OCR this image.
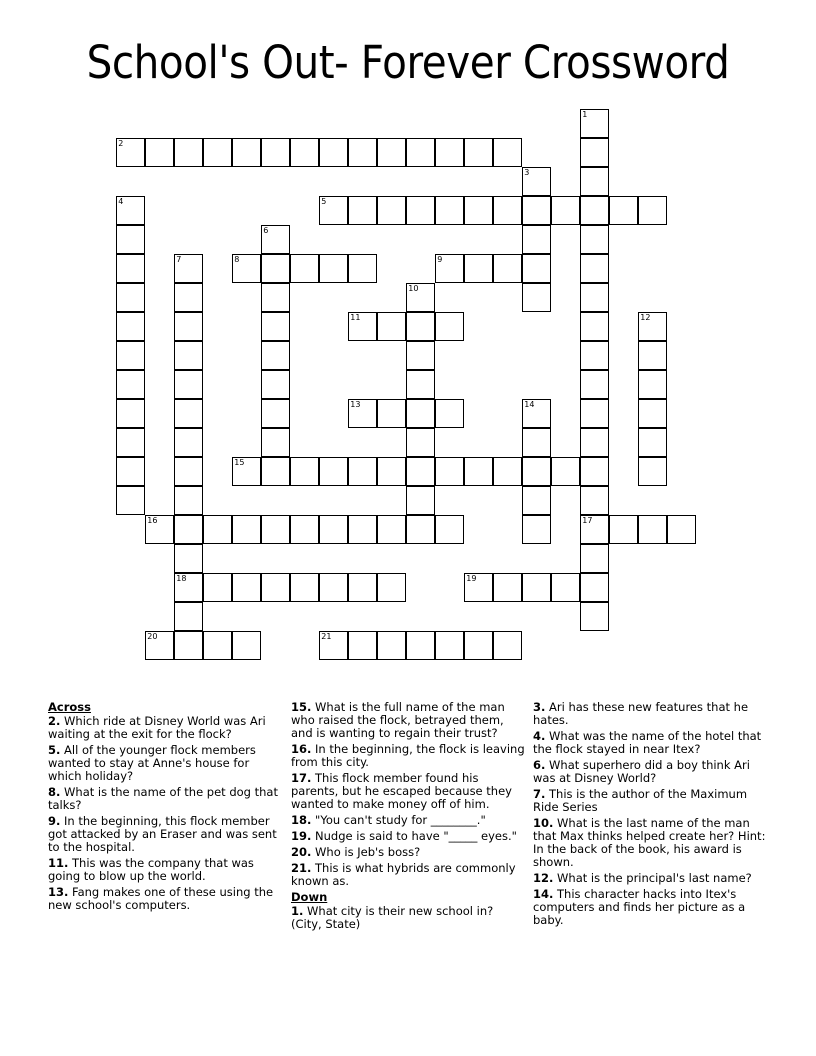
School's Out- Forever Crossword
1
17
2
3
4	5
6
7
18
8	9
10
11	12
13	14
15
16
19
20	21
Across
2. Which ride at Disney World was Ari waiting at the exit for the flock?
5. All of the younger flock members wanted to stay at Anne's house for which holiday?
8. What is the name of the pet dog that talks?
9. In the beginning, this flock member got attacked by an Eraser and was sent to the hospital.
11. This was the company that was going to blow up the world.
13. Fang makes one of these using the new school's computers.
15. What is the full name of the man who raised the flock, betrayed them, and is wanting to regain their trust?
16. In the beginning, the flock is leaving from this city.
17. This flock member found his parents, but he escaped because they wanted to make money off of him.
18. "You can't study for ________."
19. Nudge is said to have "_____ eyes."
20. Who is Jeb's boss?
21. This is what hybrids are commonly known as.
Down
1. What city is their new school in? (City, State)
3. Ari has these new features that he hates.
4. What was the name of the hotel that the flock stayed in near Itex?
6. What superhero did a boy think Ari was at Disney World?
7. This is the author of the Maximum Ride Series
10. What is the last name of the man that Max thinks helped create her? Hint: In the back of the book, his award is shown.
12. What is the principal's last name?
14. This character hacks into Itex's computers and finds her picture as a baby.
